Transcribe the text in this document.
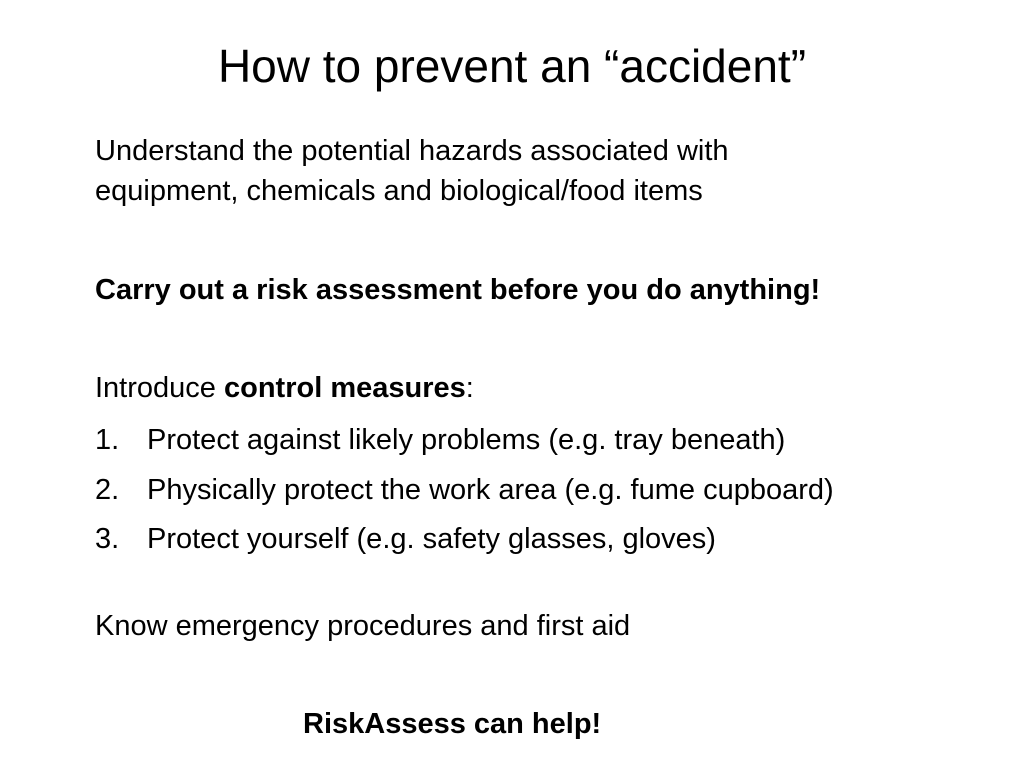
How to prevent an “accident”
Understand the potential hazards associated with
equipment, chemicals and biological/food items
Carry out a risk assessment before you do anything!
Introduce control measures:
1. Protect against likely problems (e.g. tray beneath)
2. Physically protect the work area (e.g. fume cupboard)
3. Protect yourself (e.g. safety glasses, gloves)
Know emergency procedures and first aid
RiskAssess can help!
